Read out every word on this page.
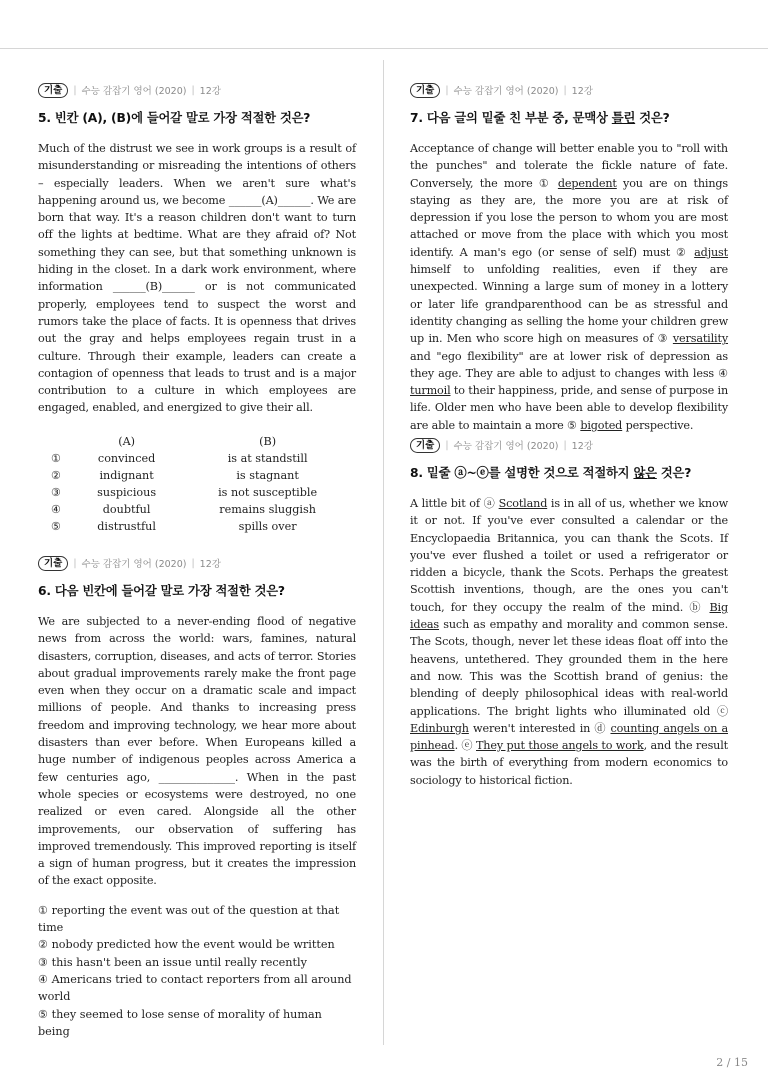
기출	| 수능 감잡기 영어 (2020) | 12강
5. 빈칸 (A), (B)에 들어갈 말로 가장 적절한 것은?
Much of the distrust we see in work groups is a result of misunderstanding or misreading the intentions of others – especially leaders. When we aren't sure what's happening around us, we become ______(A)______. We are born that way. It's a reason children don't want to turn off the lights at bedtime. What are they afraid of? Not something they can see, but that something unknown is hiding in the closet. In a dark work environment, where information ______(B)______ or is not communicated properly, employees tend to suspect the worst and rumors take the place of facts. It is openness that drives out the gray and helps employees regain trust in a culture. Through their example, leaders can create a contagion of openness that leads to trust and is a major contribution to a culture in which employees are engaged, enabled, and energized to give their all.
	(A)	(B)
①	convinced	is at standstill
②	indignant	is stagnant
③	suspicious	is not susceptible
④	doubtful	remains sluggish
⑤	distrustful	spills over
기출	| 수능 감잡기 영어 (2020) | 12강
6. 다음 빈칸에 들어갈 말로 가장 적절한 것은?
We are subjected to a never-ending flood of negative news from across the world: wars, famines, natural disasters, corruption, diseases, and acts of terror. Stories about gradual improvements rarely make the front page even when they occur on a dramatic scale and impact millions of people. And thanks to increasing press freedom and improving technology, we hear more about disasters than ever before. When Europeans killed a huge number of indigenous peoples across America a few centuries ago, ______________. When in the past whole species or ecosystems were destroyed, no one realized or even cared. Alongside all the other improvements, our observation of suffering has improved tremendously. This improved reporting is itself a sign of human progress, but it creates the impression of the exact opposite.
① reporting the event was out of the question at that time
② nobody predicted how the event would be written
③ this hasn't been an issue until really recently
④ Americans tried to contact reporters from all around world
⑤ they seemed to lose sense of morality of human being
기출	| 수능 감잡기 영어 (2020) | 12강
7. 다음 글의 밑줄 친 부분 중, 문맥상 틀린 것은?
Acceptance of change will better enable you to "roll with the punches" and tolerate the fickle nature of fate. Conversely, the more ① dependent you are on things staying as they are, the more you are at risk of depression if you lose the person to whom you are most attached or move from the place with which you most identify. A man's ego (or sense of self) must ② adjust himself to unfolding realities, even if they are unexpected. Winning a large sum of money in a lottery or later life grandparenthood can be as stressful and identity changing as selling the home your children grew up in. Men who score high on measures of ③ versatility and "ego flexibility" are at lower risk of depression as they age. They are able to adjust to changes with less ④ turmoil to their happiness, pride, and sense of purpose in life. Older men who have been able to develop flexibility are able to maintain a more ⑤ bigoted perspective.
기출	| 수능 감잡기 영어 (2020) | 12강
8. 밑줄 ⓐ~ⓔ를 설명한 것으로 적절하지 않은 것은?
A little bit of ⓐ Scotland is in all of us, whether we know it or not. If you've ever consulted a calendar or the Encyclopaedia Britannica, you can thank the Scots. If you've ever flushed a toilet or used a refrigerator or ridden a bicycle, thank the Scots. Perhaps the greatest Scottish inventions, though, are the ones you can't touch, for they occupy the realm of the mind. ⓑ Big ideas such as empathy and morality and common sense. The Scots, though, never let these ideas float off into the heavens, untethered. They grounded them in the here and now. This was the Scottish brand of genius: the blending of deeply philosophical ideas with real-world applications. The bright lights who illuminated old ⓒ Edinburgh weren't interested in ⓓ counting angels on a pinhead. ⓔ They put those angels to work, and the result was the birth of everything from modern economics to sociology to historical fiction.
2 / 15
